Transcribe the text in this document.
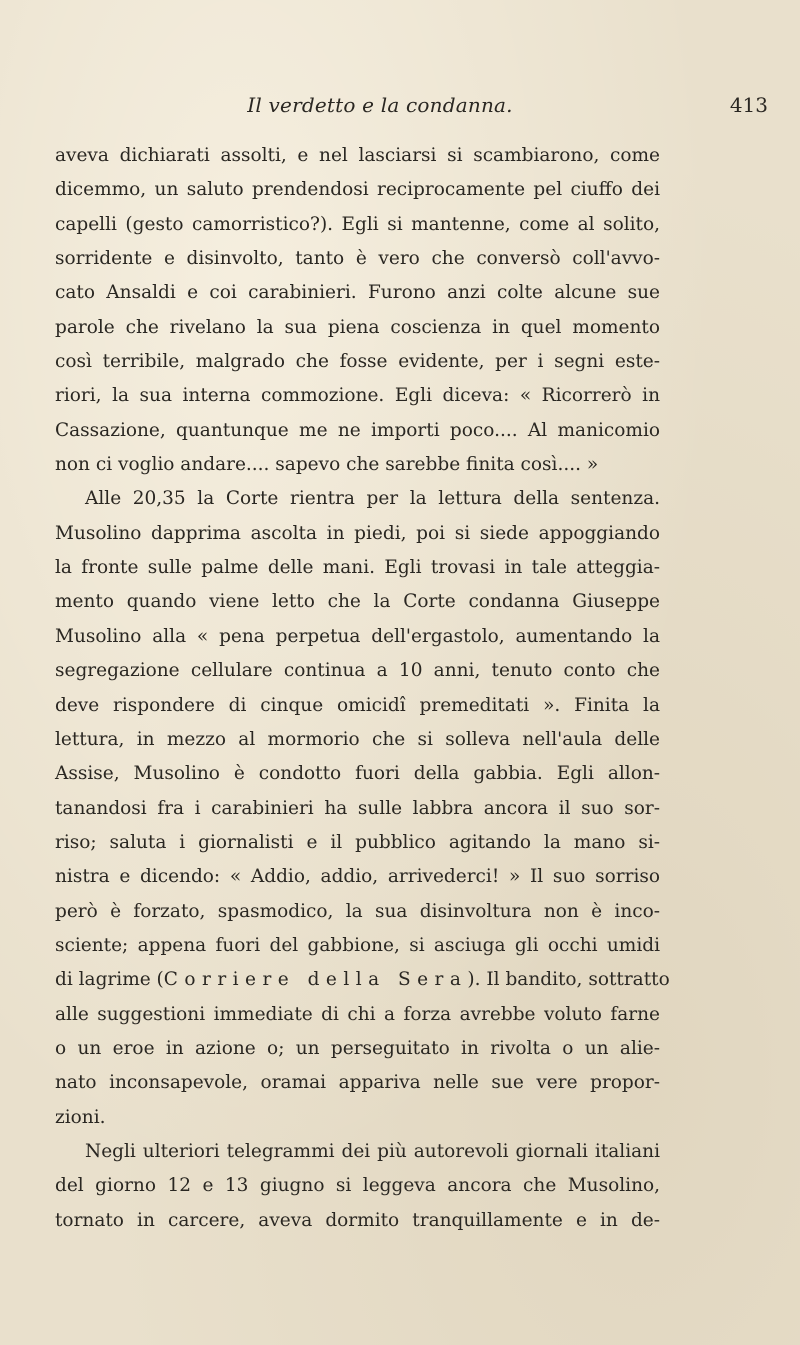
Il verdetto e la condanna.	413
aveva dichiarati assolti, e nel lasciarsi si scambiarono, come
dicemmo, un saluto prendendosi reciprocamente pel ciuffo dei
capelli (gesto camorristico?). Egli si mantenne, come al solito,
sorridente e disinvolto, tanto è vero che conversò coll'avvo-
cato Ansaldi e coi carabinieri. Furono anzi colte alcune sue
parole che rivelano la sua piena coscienza in quel momento
così terribile, malgrado che fosse evidente, per i segni este-
riori, la sua interna commozione. Egli diceva: « Ricorrerò in
Cassazione, quantunque me ne importi poco.... Al manicomio
non ci voglio andare.... sapevo che sarebbe finita così.... »
Alle 20,35 la Corte rientra per la lettura della sentenza.
Musolino dapprima ascolta in piedi, poi si siede appoggiando
la fronte sulle palme delle mani. Egli trovasi in tale atteggia-
mento quando viene letto che la Corte condanna Giuseppe
Musolino alla « pena perpetua dell'ergastolo, aumentando la
segregazione cellulare continua a 10 anni, tenuto conto che
deve rispondere di cinque omicidî premeditati ». Finita la
lettura, in mezzo al mormorio che si solleva nell'aula delle
Assise, Musolino è condotto fuori della gabbia. Egli allon-
tanandosi fra i carabinieri ha sulle labbra ancora il suo sor-
riso; saluta i giornalisti e il pubblico agitando la mano si-
nistra e dicendo: « Addio, addio, arrivederci! » Il suo sorriso
però è forzato, spasmodico, la sua disinvoltura non è inco-
sciente; appena fuori del gabbione, si asciuga gli occhi umidi
di lagrime (Corriere della Sera). Il bandito, sottratto
alle suggestioni immediate di chi a forza avrebbe voluto farne
o un eroe in azione o; un perseguitato in rivolta o un alie-
nato inconsapevole, oramai appariva nelle sue vere propor-
zioni.
Negli ulteriori telegrammi dei più autorevoli giornali italiani
del giorno 12 e 13 giugno si leggeva ancora che Musolino,
tornato in carcere, aveva dormito tranquillamente e in de-
